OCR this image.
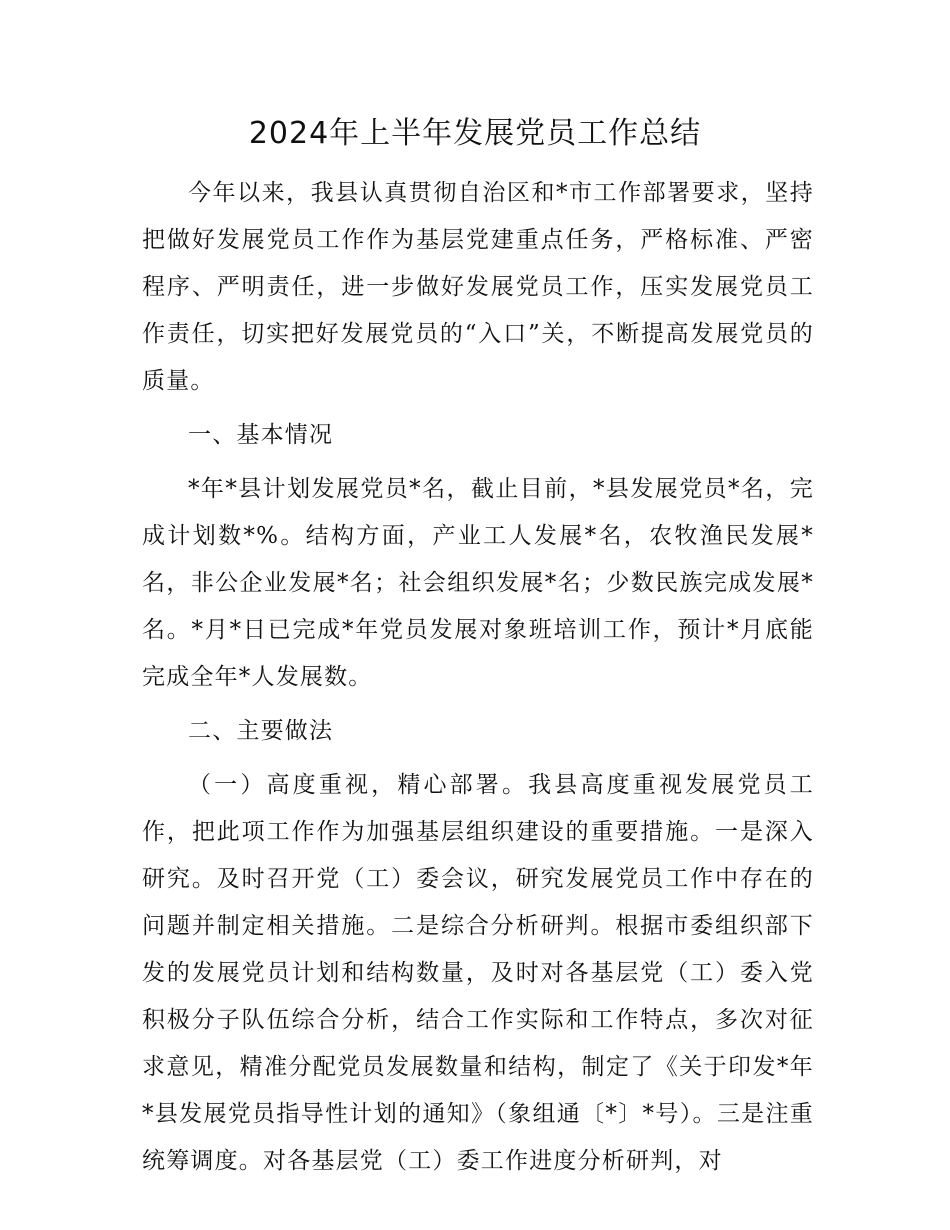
2024年上半年发展党员工作总结

今年以来，我县认真贯彻自治区和*市工作部署要求，坚持把做好发展党员工作作为基层党建重点任务，严格标准、严密程序、严明责任，进一步做好发展党员工作，压实发展党员工作责任，切实把好发展党员的“入口”关，不断提高发展党员的质量。

一、基本情况

*年*县计划发展党员*名，截止目前，*县发展党员*名，完成计划数*%。结构方面，产业工人发展*名，农牧渔民发展*名，非公企业发展*名；社会组织发展*名；少数民族完成发展*名。*月*日已完成*年党员发展对象班培训工作，预计*月底能完成全年*人发展数。

二、主要做法

（一）高度重视，精心部署。我县高度重视发展党员工作，把此项工作作为加强基层组织建设的重要措施。一是深入研究。及时召开党（工）委会议，研究发展党员工作中存在的问题并制定相关措施。二是综合分析研判。根据市委组织部下发的发展党员计划和结构数量，及时对各基层党（工）委入党积极分子队伍综合分析，结合工作实际和工作特点，多次对征求意见，精准分配党员发展数量和结构，制定了《关于印发*年*县发展党员指导性计划的通知》（象组通〔*〕*号）。三是注重统筹调度。对各基层党（工）委工作进度分析研判，对
